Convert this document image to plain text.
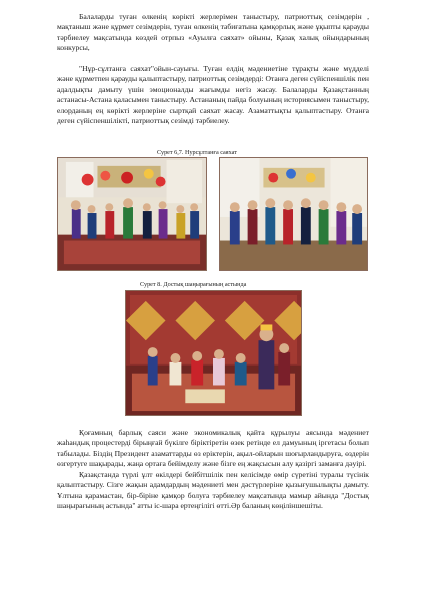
Балаларды туған өлкенің көрікті жерлерімен таныстыру, патриоттық сезімдерін , мақтаныш және құрмет сезімдерін, туған өлкенің табиғатына қамқорлық және ұқыпты қарауды тәрбиелеу мақсатында көздей отрпыз «Ауылға саяхат» ойыны, Қазақ халық ойындарының конкурсы,

"Нұр-сұлтанға саяхат"ойын-сауығы. Туған елдің мәдениетіне тұрақты және мүдделі және құрметпен қарауды қалыптастыру, патриоттық сезімдерді: Отанға деген сүйіспеншілік пен адалдықты дамыту үшін эмоционалды жағымды негіз жасау. Балаларды Қазақстанның астанасы-Астана қаласымен таныстыру. Астананың пайда болуының историясымен таныстыру, елорданың ең көрікті жерлеріне сыртқай саяхат жасау. Азаматтықты қалыптастыру. Отанға деген сүйіспеншілікті, патриоттық сезімді тәрбиелеу.

Сурет 6,7. Нурсұлтанға саяхат
Сурет 8. Достық шаңырағының астында

Қоғамның барлық саяси және экономикалық қайта құрылуы аясында мәдениет жаһандық процестерді бірыңғай бүкілге біріктіретін өзек ретінде ел дамуының іргетасы болып табылады. Біздің Президент азаматтарды өз еріктерін, ақыл-ойларын шоғырландыруға, өздерін өзгертуге шақырады, жаңа ортаға бейімделу және бізге ең жақсысын алу қазіргі заманға дәуірі.

Қазақстанда түрлі ұлт өкілдері бейбітшілік пен келісімде өмір сүретіні туралы түсінік қалыптастыру. Сізге жақын адамдардың мәдениеті мен дәстүрлеріне қызығушылықты дамыту. Ұлтына қарамастан, бір-біріне қамқор болуға тәрбиелеу мақсатында мамыр айында "Достық шаңырағының астында" атты іс-шара ертеңгілігі өтті.Әр баланың көңіліншешіты.
